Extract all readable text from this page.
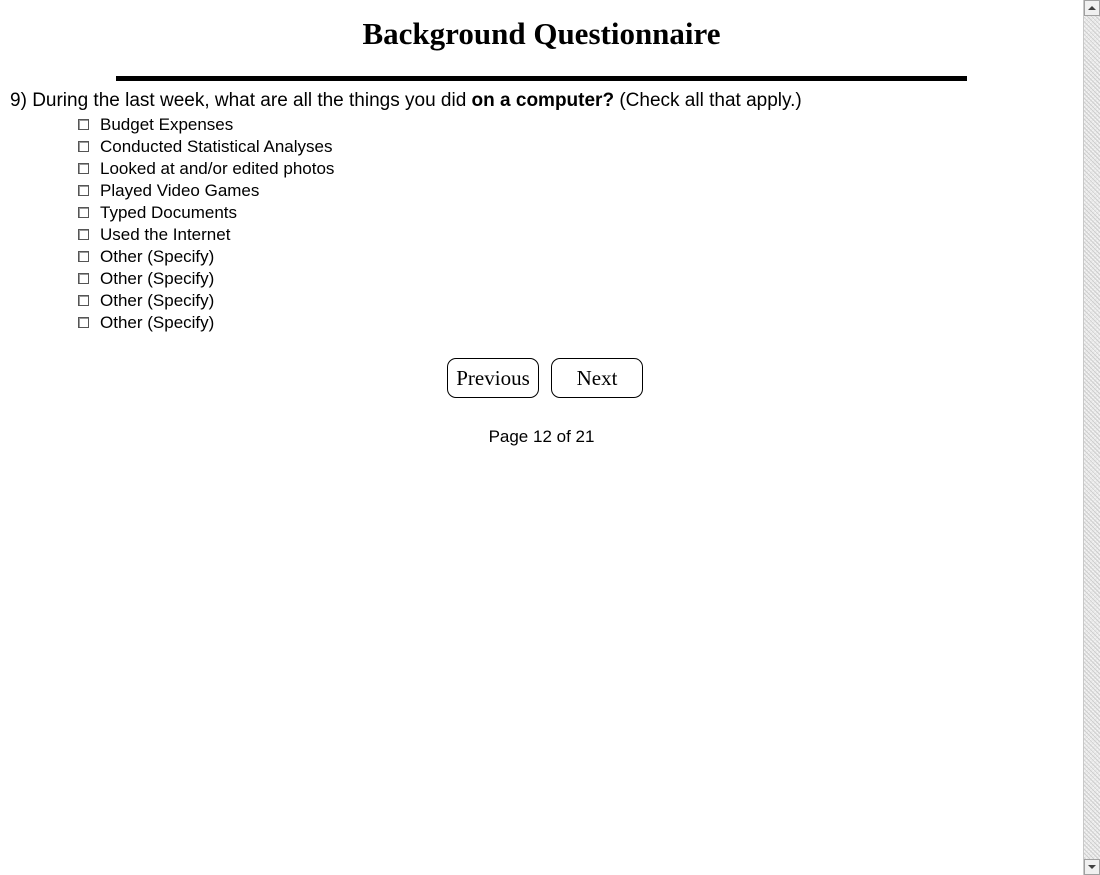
Background Questionnaire
9) During the last week, what are all the things you did on a computer? (Check all that apply.)
Budget Expenses
Conducted Statistical Analyses
Looked at and/or edited photos
Played Video Games
Typed Documents
Used the Internet
Other (Specify)
Other (Specify)
Other (Specify)
Other (Specify)
Previous	Next
Page 12 of 21
